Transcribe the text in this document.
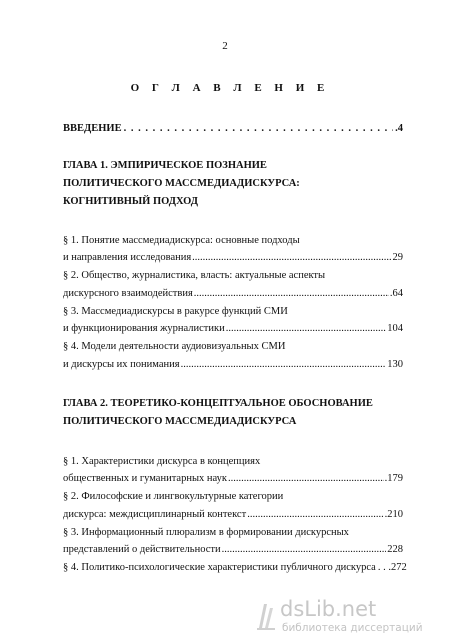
2
О Г Л А В Л Е Н И Е
ВВЕДЕНИЕ . . .	.4
ГЛАВА 1. ЭМПИРИЧЕСКОЕ ПОЗНАНИЕ
ПОЛИТИЧЕСКОГО МАССМЕДИАДИСКУРСА:
КОГНИТИВНЫЙ ПОДХОД
§ 1. Понятие массмедиадискурса: основные подходы
и направления исследования .....	29
§ 2. Общество, журналистика, власть: актуальные аспекты
дискурсного взаимодействия .....	.64
§ 3. Массмедиадискурсы в ракурсе функций СМИ
и функционирования журналистики .....	104
§ 4. Модели деятельности аудиовизуальных СМИ
и дискурсы их понимания .....	130
ГЛАВА 2. ТЕОРЕТИКО-КОНЦЕПТУАЛЬНОЕ ОБОСНОВАНИЕ
ПОЛИТИЧЕСКОГО МАССМЕДИАДИСКУРСА
§ 1. Характеристики дискурса в концепциях
общественных и гуманитарных наук .....	.179
§ 2. Философские и лингвокультурные категории
дискурса: междисциплинарный контекст .....	.210
§ 3. Информационный плюрализм в формировании дискурсных
представлений о действительности .....	228
§ 4. Политико-психологические характеристики публичного дискурса . . .272
dsLib.net
библиотека диссертаций
